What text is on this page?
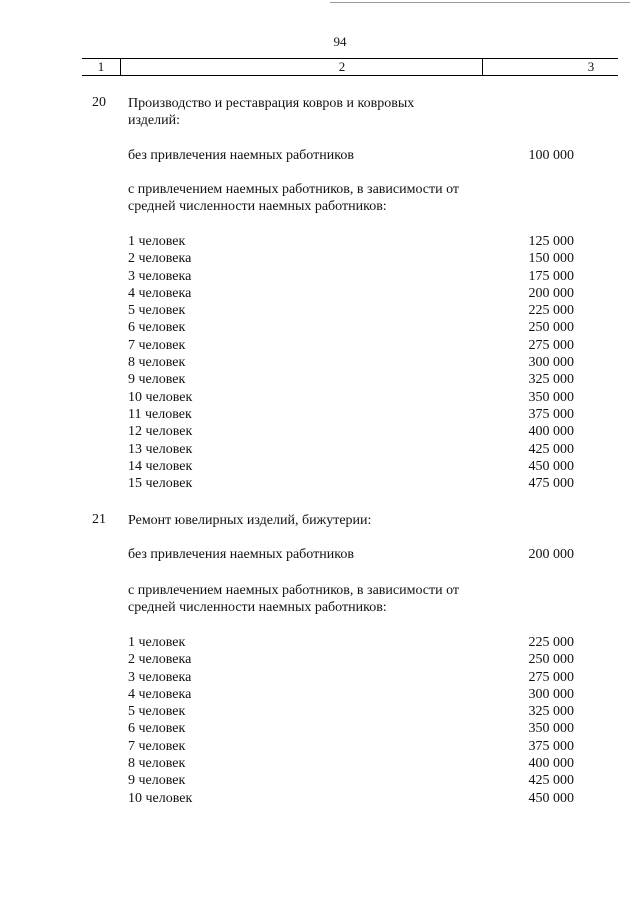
94
1	2	3
20 Производство и реставрация ковров и ковровых изделий:
без привлечения наемных работников	100 000
с привлечением наемных работников, в зависимости от средней численности наемных работников:
1 человек	125 000
2 человека	150 000
3 человека	175 000
4 человека	200 000
5 человек	225 000
6 человек	250 000
7 человек	275 000
8 человек	300 000
9 человек	325 000
10 человек	350 000
11 человек	375 000
12 человек	400 000
13 человек	425 000
14 человек	450 000
15 человек	475 000
21 Ремонт ювелирных изделий, бижутерии:
без привлечения наемных работников	200 000
с привлечением наемных работников, в зависимости от средней численности наемных работников:
1 человек	225 000
2 человека	250 000
3 человека	275 000
4 человека	300 000
5 человек	325 000
6 человек	350 000
7 человек	375 000
8 человек	400 000
9 человек	425 000
10 человек	450 000
